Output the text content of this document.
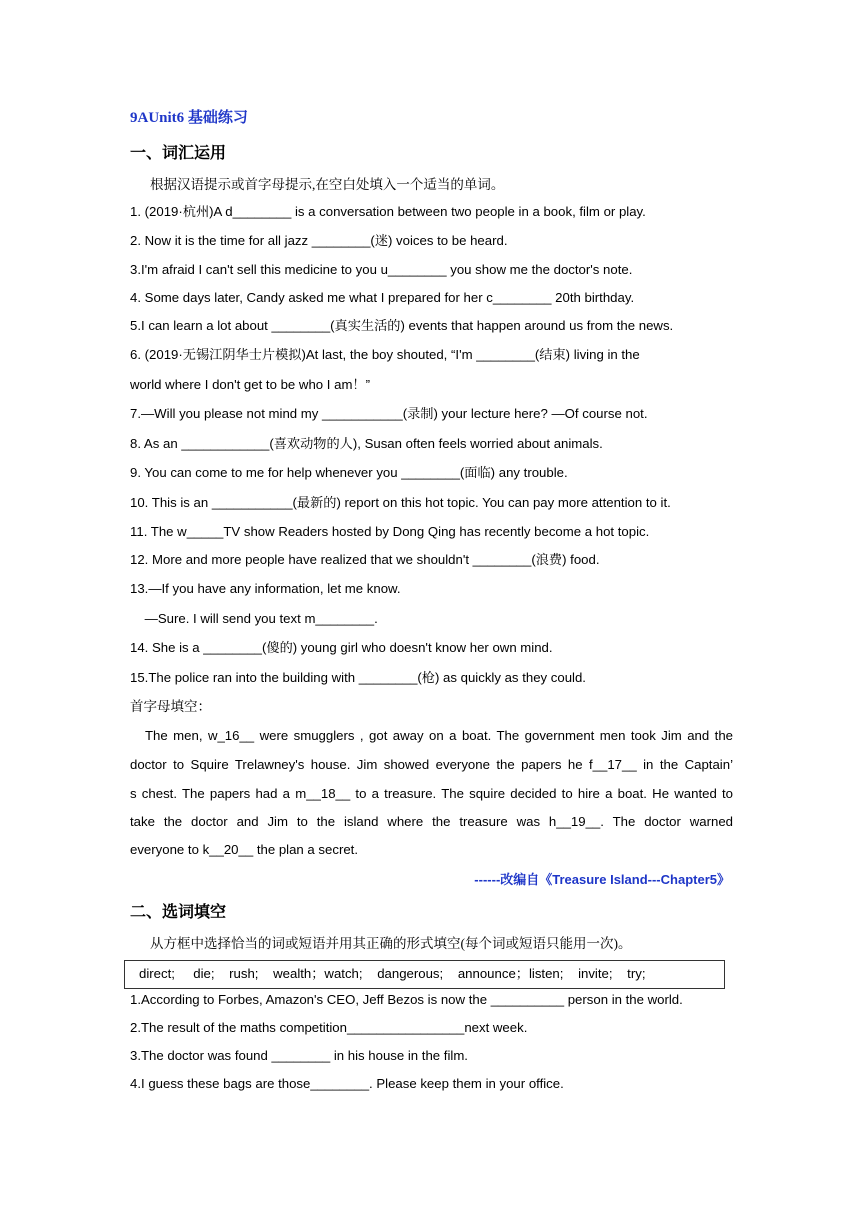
9AUnit6 基础练习
一、词汇运用
根据汉语提示或首字母提示,在空白处填入一个适当的单词。
1. (2019·杭州)A d________ is a conversation between two people in a book, film or play.
2. Now it is the time for all jazz ________(迷) voices to be heard.
3.I'm afraid I can't sell this medicine to you u________ you show me the doctor's note.
4. Some days later, Candy asked me what I prepared for her c________ 20th birthday.
5.I can learn a lot about ________(真实生活的) events that happen around us from the news.
6. (2019·无锡江阴华士片模拟)At last, the boy shouted, “I'm ________(结束) living in the
world where I don't get to be who I am！”
7.—Will you please not mind my ___________(录制) your lecture here? —Of course not.
8. As an ____________(喜欢动物的人), Susan often feels worried about animals.
9. You can come to me for help whenever you ________(面临) any trouble.
10. This is an ___________(最新的) report on this hot topic. You can pay more attention to it.
11. The w_____TV show Readers hosted by Dong Qing has recently become a hot topic.
12. More and more people have realized that we shouldn't ________(浪费) food.
13.—If you have any information, let me know.
—Sure. I will send you text m________.
14. She is a ________(傻的) young girl who doesn't know her own mind.
15.The police ran into the building with ________(枪) as quickly as they could.
首字母填空：
The men, w_16__ were smugglers , got away on a boat. The government men took Jim and the
doctor to Squire Trelawney's house. Jim showed everyone the papers he f__17__ in the Captain’
s chest. The papers had a m__18__ to a treasure. The squire decided to hire a boat. He wanted to
take the doctor and Jim to the island where the treasure was h__19__. The doctor warned
everyone to k__20__ the plan a secret.
------改编自《Treasure Island---Chapter5》
二、选词填空
从方框中选择恰当的词或短语并用其正确的形式填空(每个词或短语只能用一次)。
direct;     die;    rush;    wealth；watch;    dangerous;    announce；listen;    invite;    try;
1.According to Forbes, Amazon's CEO, Jeff Bezos is now the __________ person in the world.
2.The result of the maths competition________________next week.
3.The doctor was found ________ in his house in the film.
4.I guess these bags are those________. Please keep them in your office.
